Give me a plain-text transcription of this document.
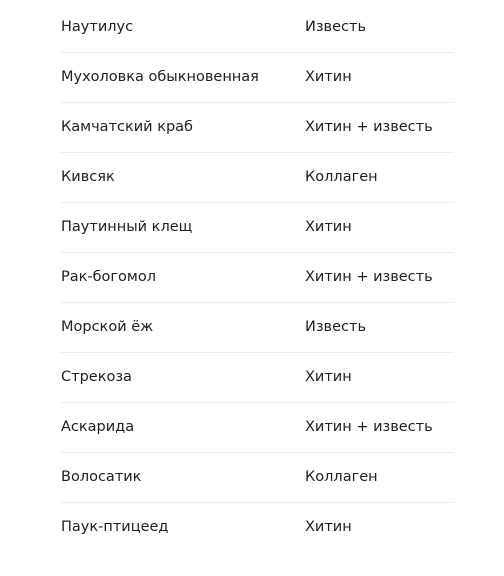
Наутилус	Известь
Мухоловка обыкновенная	Хитин
Камчатский краб	Хитин + известь
Кивсяк	Коллаген
Паутинный клещ	Хитин
Рак-богомол	Хитин + известь
Морской ёж	Известь
Стрекоза	Хитин
Аскарида	Хитин + известь
Волосатик	Коллаген
Паук-птицеед	Хитин
